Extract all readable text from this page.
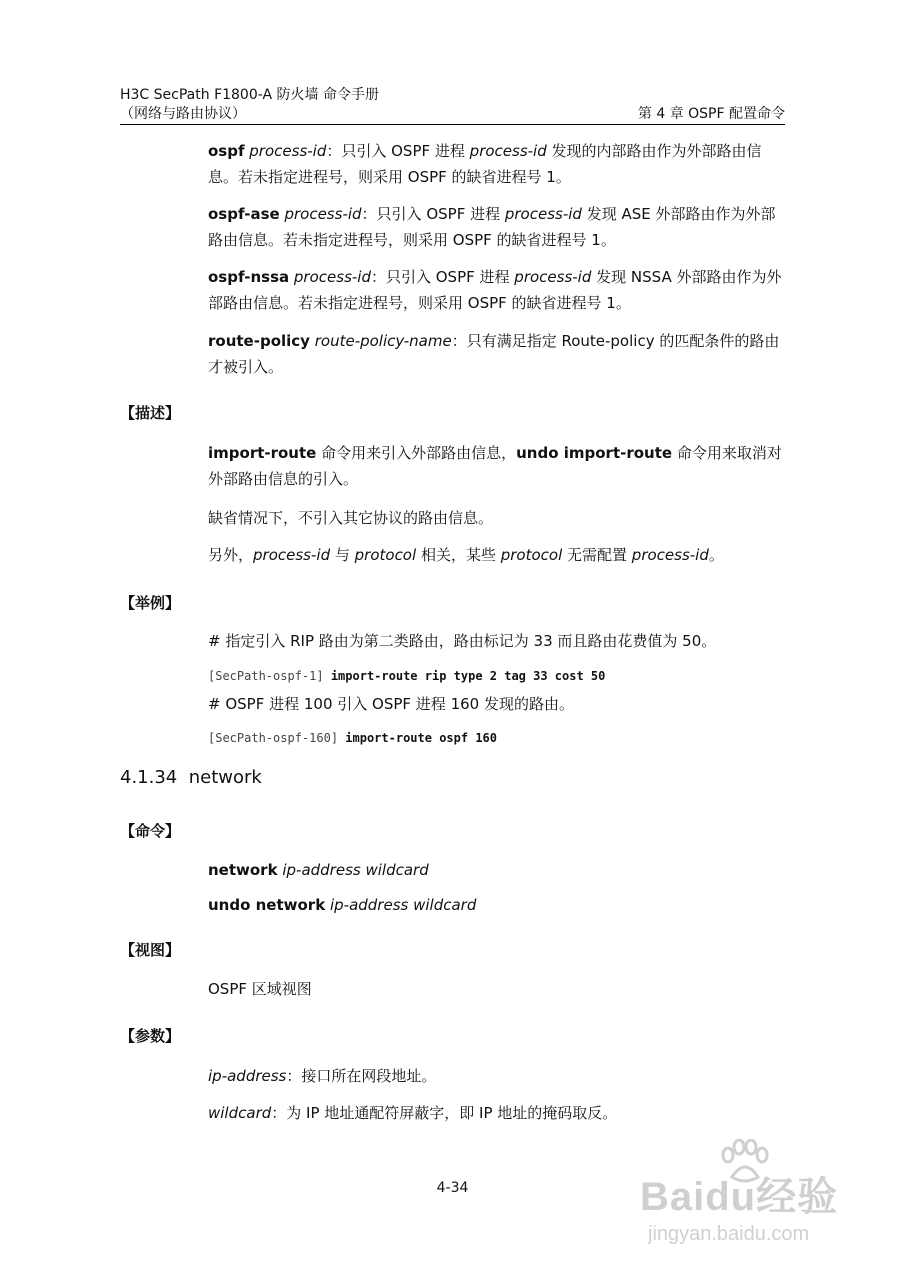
H3C SecPath F1800-A 防火墙 命令手册
（网络与路由协议）	第 4 章 OSPF 配置命令
ospf process-id：只引入 OSPF 进程 process-id 发现的内部路由作为外部路由信息。若未指定进程号，则采用 OSPF 的缺省进程号 1。
ospf-ase process-id：只引入 OSPF 进程 process-id 发现 ASE 外部路由作为外部路由信息。若未指定进程号，则采用 OSPF 的缺省进程号 1。
ospf-nssa process-id：只引入 OSPF 进程 process-id 发现 NSSA 外部路由作为外部路由信息。若未指定进程号，则采用 OSPF 的缺省进程号 1。
route-policy route-policy-name：只有满足指定 Route-policy 的匹配条件的路由才被引入。
【描述】
import-route 命令用来引入外部路由信息，undo import-route 命令用来取消对外部路由信息的引入。
缺省情况下，不引入其它协议的路由信息。
另外，process-id 与 protocol 相关，某些 protocol 无需配置 process-id。
【举例】
# 指定引入 RIP 路由为第二类路由，路由标记为 33 而且路由花费值为 50。
[SecPath-ospf-1] import-route rip type 2 tag 33 cost 50
# OSPF 进程 100 引入 OSPF 进程 160 发现的路由。
[SecPath-ospf-160] import-route ospf 160
4.1.34 network
【命令】
network ip-address wildcard
undo network ip-address wildcard
【视图】
OSPF 区域视图
【参数】
ip-address：接口所在网段地址。
wildcard：为 IP 地址通配符屏蔽字，即 IP 地址的掩码取反。
4-34	Baidu经验
jingyan.baidu.com
